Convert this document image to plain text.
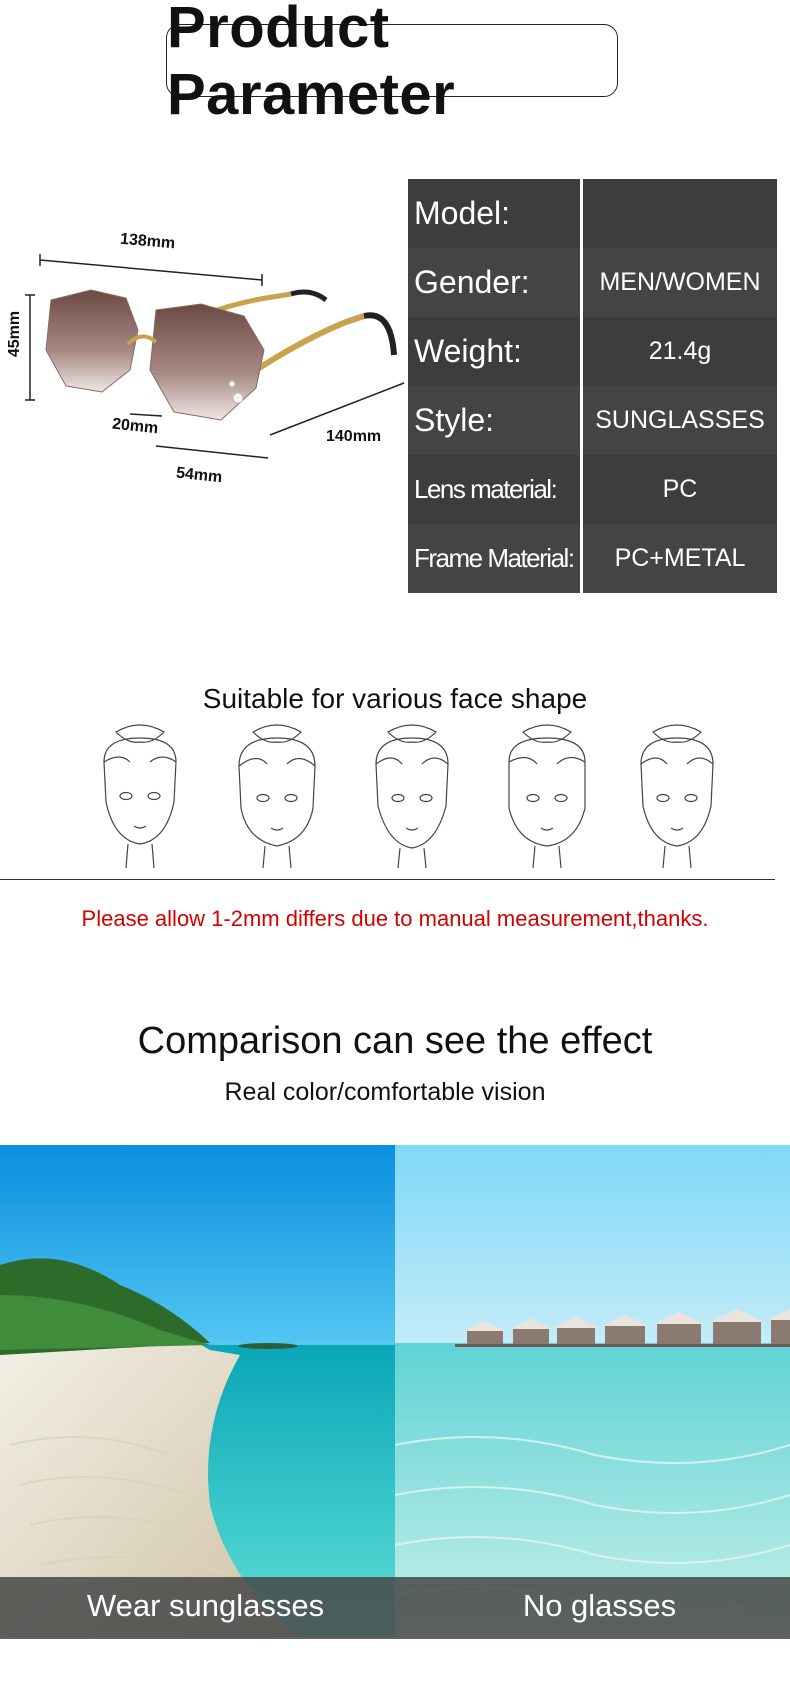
Product Parameter
138mm
45mm
20mm
54mm
140mm
Model:
Gender:	MEN/WOMEN
Weight:	21.4g
Style:	SUNGLASSES
Lens material:	PC
Frame Material:	PC+METAL
Suitable for various face shape
Please allow 1-2mm differs due to manual measurement,thanks.
Comparison can see the effect
Real color/comfortable vision
Wear sunglasses	No glasses
